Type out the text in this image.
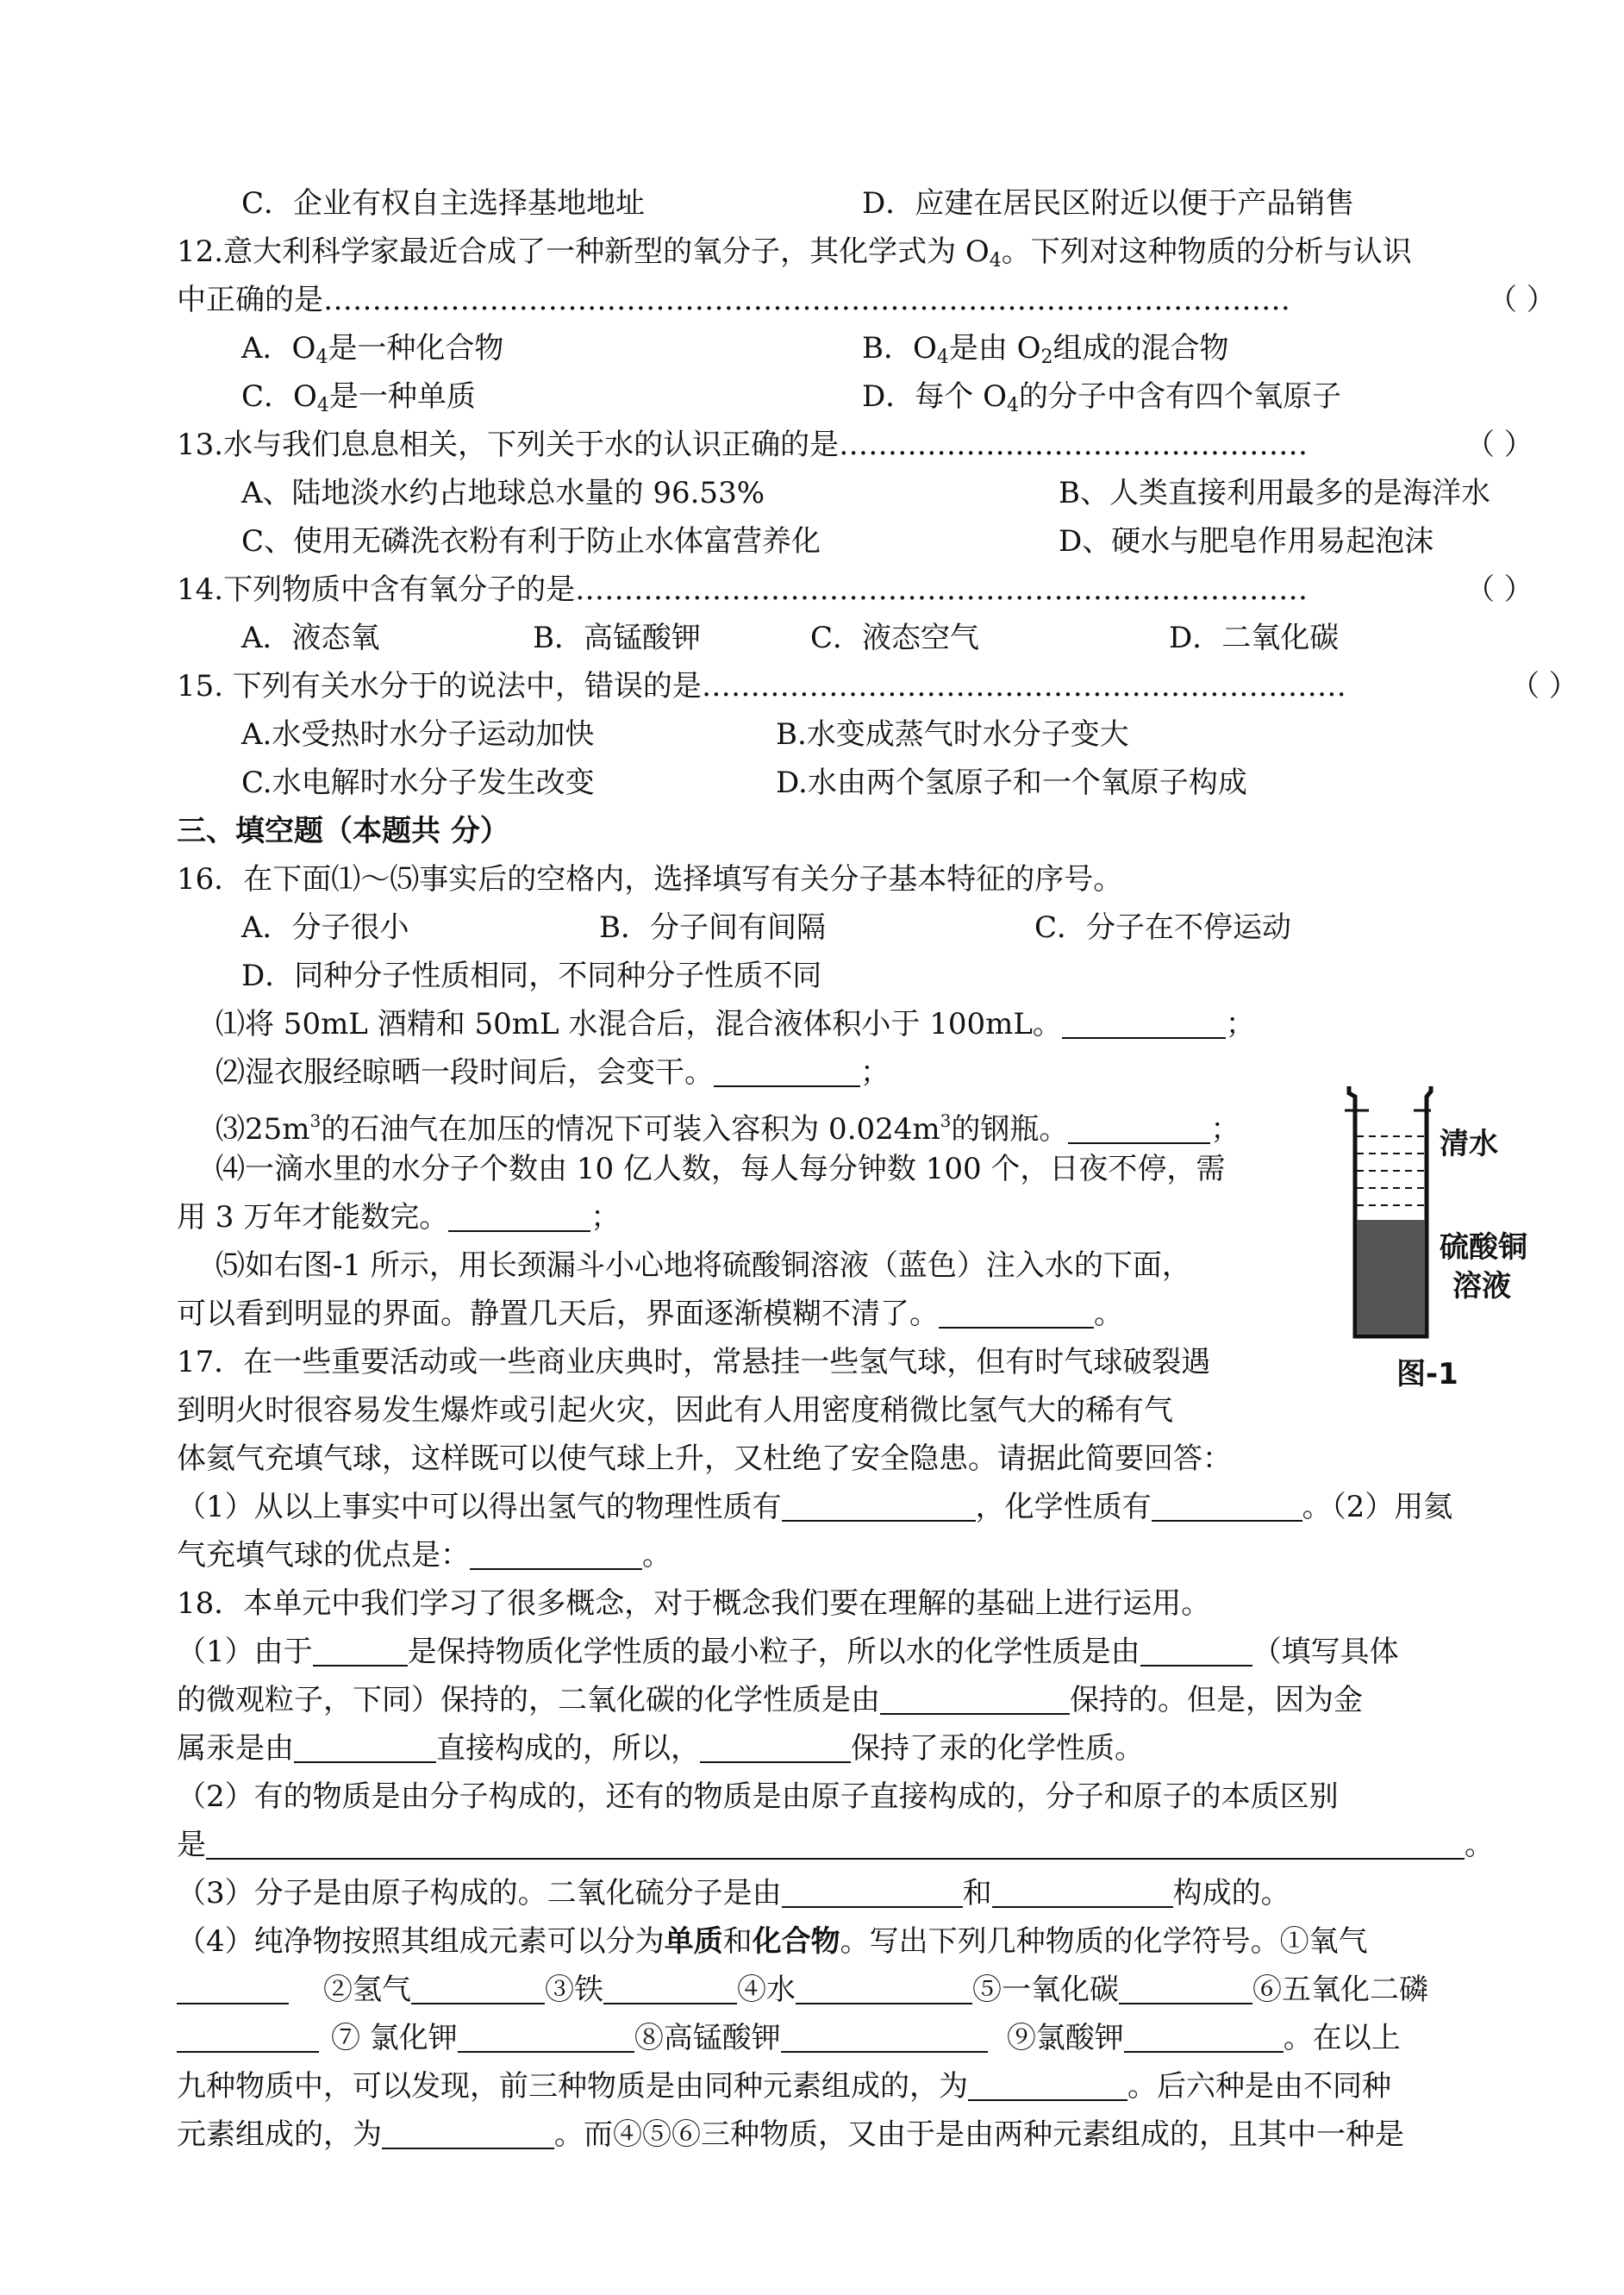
C．企业有权自主选择基地地址	D．应建在居民区附近以便于产品销售
12.意大利科学家最近合成了一种新型的氧分子，其化学式为 $O_4$。下列对这种物质的分析与认识
中正确的是………………………………………………………………………………………	（ ）
A．$O_4$是一种化合物	B．$O_4$是由 $O_2$组成的混合物
C．$O_4$是一种单质	D．每个 $O_4$的分子中含有四个氧原子
13.水与我们息息相关，下列关于水的认识正确的是…………………………………………	（ ）
A、陆地淡水约占地球总水量的 96.53%	B、人类直接利用最多的是海洋水
C、使用无磷洗衣粉有利于防止水体富营养化	D、硬水与肥皂作用易起泡沫
14.下列物质中含有氧分子的是…………………………………………………………………	（ ）
A．液态氧	B．高锰酸钾	C．液态空气	D．二氧化碳
15. 下列有关水分于的说法中，错误的是…………………………………………………………	（ ）
A.水受热时水分子运动加快	B.水变成蒸气时水分子变大
C.水电解时水分子发生改变	D.水由两个氢原子和一个氧原子构成
三、填空题（本题共 分）
16．在下面⑴～⑸事实后的空格内，选择填写有关分子基本特征的序号。
A．分子很小	B．分子间有间隔	C．分子在不停运动
D．同种分子性质相同，不同种分子性质不同
⑴将 50mL 酒精和 50mL 水混合后，混合液体积小于 100mL。	；
⑵湿衣服经晾晒一段时间后，会变干。	；
$⑶25m^3$的石油气在加压的情况下可装入容积为 $0.024m^3$的钢瓶。	；
⑷一滴水里的水分子个数由 10 亿人数，每人每分钟数 100 个，日夜不停，需
用 3 万年才能数完。	；
⑸如右图-1 所示，用长颈漏斗小心地将硫酸铜溶液（蓝色）注入水的下面，
可以看到明显的界面。静置几天后，界面逐渐模糊不清了。	。
清水
硫酸铜
溶液
图-1
17．在一些重要活动或一些商业庆典时，常悬挂一些氢气球，但有时气球破裂遇
到明火时很容易发生爆炸或引起火灾，因此有人用密度稍微比氢气大的稀有气
体氦气充填气球，这样既可以使气球上升，又杜绝了安全隐患。请据此简要回答：
（1）从以上事实中可以得出氢气的物理性质有	，化学性质有	。（2）用氦
气充填气球的优点是：	。
18．本单元中我们学习了很多概念，对于概念我们要在理解的基础上进行运用。
（1）由于	是保持物质化学性质的最小粒子，所以水的化学性质是由	（填写具体
的微观粒子，下同）保持的，二氧化碳的化学性质是由	保持的。但是，因为金
属汞是由	直接构成的，所以，	保持了汞的化学性质。
（2）有的物质是由分子构成的，还有的物质是由原子直接构成的，分子和原子的本质区别
是	。
（3）分子是由原子构成的。二氧化硫分子是由	和	构成的。
（4）纯净物按照其组成元素可以分为单质和化合物。写出下列几种物质的化学符号。①氧气
②氢气	③铁	④水	⑤一氧化碳	⑥五氧化二磷
⑦ 氯化钾	⑧高锰酸钾	⑨氯酸钾	。在以上
九种物质中，可以发现，前三种物质是由同种元素组成的，为	。后六种是由不同种
元素组成的，为	。而④⑤⑥三种物质，又由于是由两种元素组成的，且其中一种是
